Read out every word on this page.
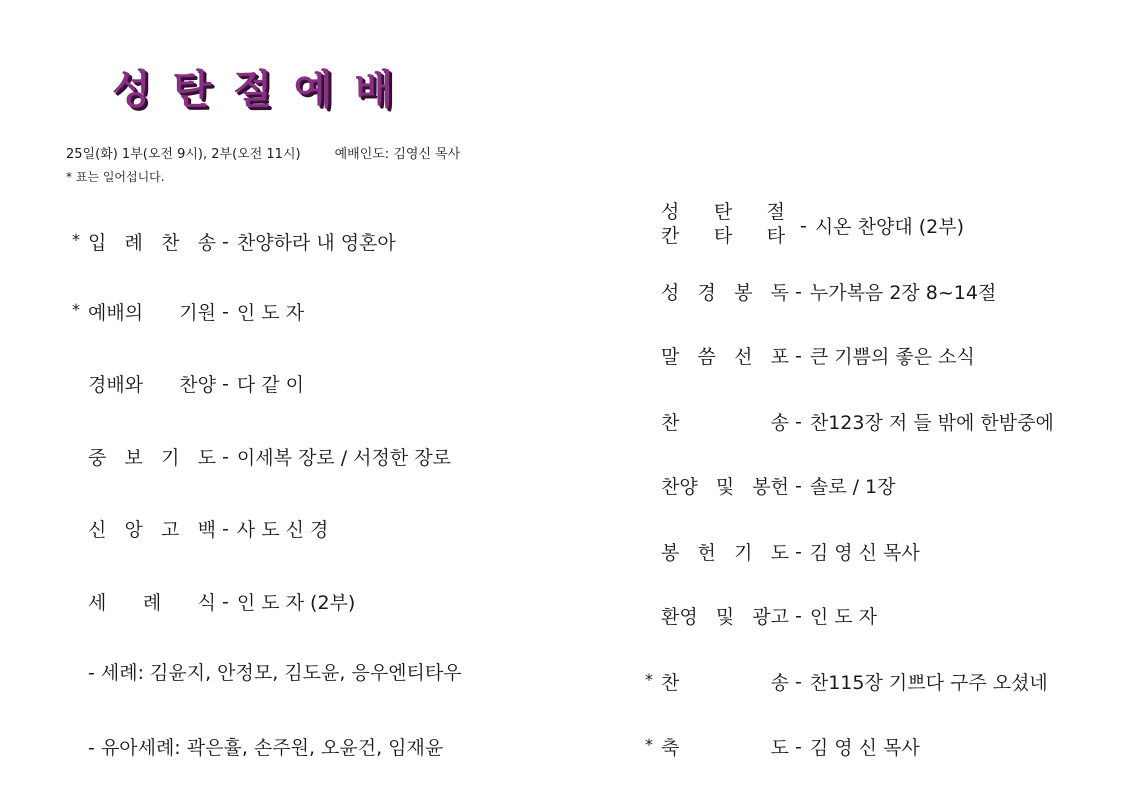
성탄절예배
25일(화) 1부(오전 9시), 2부(오전 11시)	예배인도: 김영신 목사
* 표는 일어섭니다.
* 입 례 찬 송 - 찬양하라 내 영혼아
* 예배의 기원 - 인 도 자
경배와 찬양 - 다 같 이
중 보 기 도 - 이세복 장로 / 서정한 장로
신 앙 고 백 - 사 도 신 경
세 례 식 - 인 도 자 (2부)
- 세례: 김윤지, 안정모, 김도윤, 응우엔티타우
- 유아세례: 곽은휼, 손주원, 오윤건, 임재윤
성 탄 절
칸 타 타 - 시온 찬양대 (2부)
성 경 봉 독 - 누가복음 2장 8~14절
말 씀 선 포 - 큰 기쁨의 좋은 소식
찬	송 - 찬123장 저 들 밖에 한밤중에
찬양 및 봉헌 - 솔로 / 1장
봉 헌 기 도 - 김 영 신 목사
환영 및 광고 - 인 도 자
* 찬	송 - 찬115장 기쁘다 구주 오셨네
* 축	도 - 김 영 신 목사
